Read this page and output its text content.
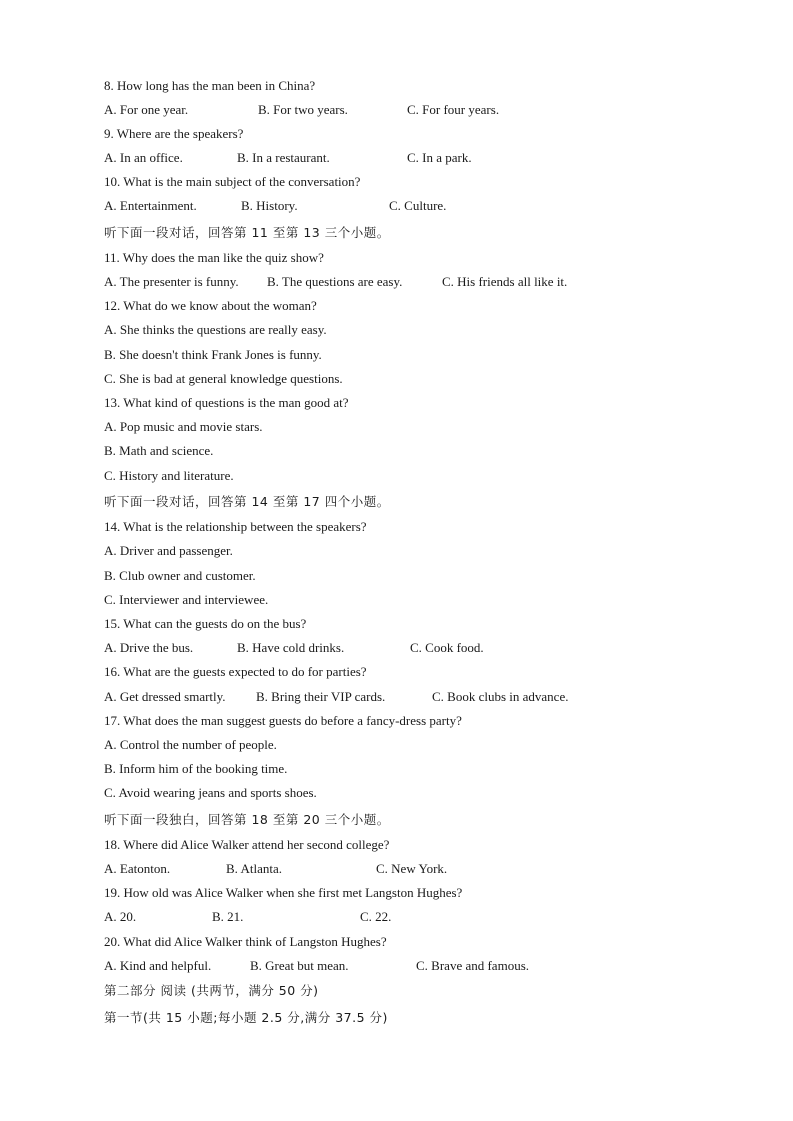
8. How long has the man been in China?
A. For one year.	B. For two years.	C. For four years.
9. Where are the speakers?
A. In an office.	B. In a restaurant.	C. In a park.
10. What is the main subject of the conversation?
A. Entertainment.	B. History.	C. Culture.
听下面一段对话，回答第 11 至第 13 三个小题。
11. Why does the man like the quiz show?
A. The presenter is funny. B. The questions are easy.	C. His friends all like it.
12. What do we know about the woman?
A. She thinks the questions are really easy.
B. She doesn't think Frank Jones is funny.
C. She is bad at general knowledge questions.
13. What kind of questions is the man good at?
A. Pop music and movie stars.
B. Math and science.
C. History and literature.
听下面一段对话，回答第 14 至第 17 四个小题。
14. What is the relationship between the speakers?
A. Driver and passenger.
B. Club owner and customer.
C. Interviewer and interviewee.
15. What can the guests do on the bus?
A. Drive the bus.	B. Have cold drinks.	C. Cook food.
16. What are the guests expected to do for parties?
A. Get dressed smartly. B. Bring their VIP cards.	C. Book clubs in advance.
17. What does the man suggest guests do before a fancy-dress party?
A. Control the number of people.
B. Inform him of the booking time.
C. Avoid wearing jeans and sports shoes.
听下面一段独白，回答第 18 至第 20 三个小题。
18. Where did Alice Walker attend her second college?
A. Eatonton.	B. Atlanta.	C. New York.
19. How old was Alice Walker when she first met Langston Hughes?
A. 20.	B. 21.	C. 22.
20. What did Alice Walker think of Langston Hughes?
A. Kind and helpful.	B. Great but mean.	C. Brave and famous.
第二部分 阅读 (共两节，满分 50 分)
第一节(共 15 小题;每小题 2.5 分,满分 37.5 分)
